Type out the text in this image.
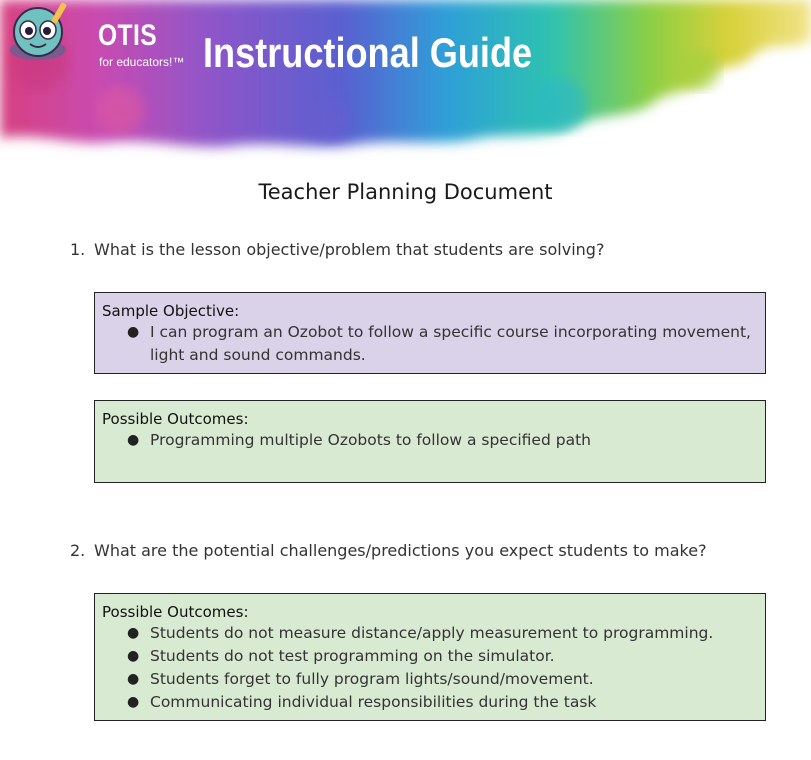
OTIS
for educators!™ Instructional Guide
Teacher Planning Document
1. What is the lesson objective/problem that students are solving?
Sample Objective:
● I can program an Ozobot to follow a specific course incorporating movement, light and sound commands.
Possible Outcomes:
● Programming multiple Ozobots to follow a specified path
2. What are the potential challenges/predictions you expect students to make?
Possible Outcomes:
● Students do not measure distance/apply measurement to programming.
● Students do not test programming on the simulator.
● Students forget to fully program lights/sound/movement.
● Communicating individual responsibilities during the task
